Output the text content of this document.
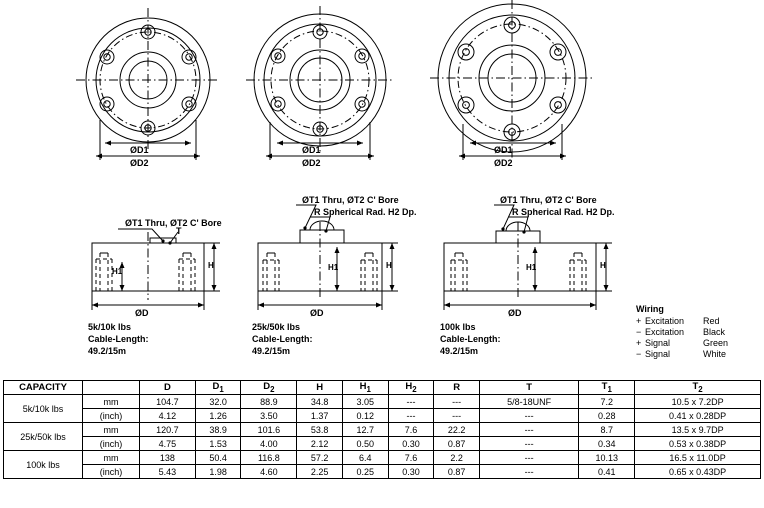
ØD1
ØD2
ØD1
ØD2
ØD1
ØD2
ØT1 Thru, ØT2 C' Bore
T
H1
H
ØD
ØT1 Thru, ØT2 C' Bore
R Spherical Rad. H2 Dp.
H1	H
ØD
ØT1 Thru, ØT2 C' Bore
R Spherical Rad. H2 Dp.
H1	H
ØD
5k/10k lbs
Cable-Length:
49.2/15m
25k/50k lbs
Cable-Length:
49.2/15m
100k lbs
Cable-Length:
49.2/15m
Wiring
+ Excitation	Red
− Excitation	Black
+ Signal	Green
− Signal	White
CAPACITY		D	$D_1$	$D_2$	H	$H_1$	$H_2$	R	T	$T_1$	$T_2$
5k/10k lbs	mm	104.7	32.0	88.9	34.8	3.05	---	---	5/8-18UNF	7.2	10.5 x 7.2DP
	(inch)	4.12	1.26	3.50	1.37	0.12	---	---	---	0.28	0.41 x 0.28DP
25k/50k lbs	mm	120.7	38.9	101.6	53.8	12.7	7.6	22.2	---	8.7	13.5 x 9.7DP
	(inch)	4.75	1.53	4.00	2.12	0.50	0.30	0.87	---	0.34	0.53 x 0.38DP
100k lbs	mm	138	50.4	116.8	57.2	6.4	7.6	2.2	---	10.13	16.5 x 11.0DP
	(inch)	5.43	1.98	4.60	2.25	0.25	0.30	0.87	---	0.41	0.65 x 0.43DP
